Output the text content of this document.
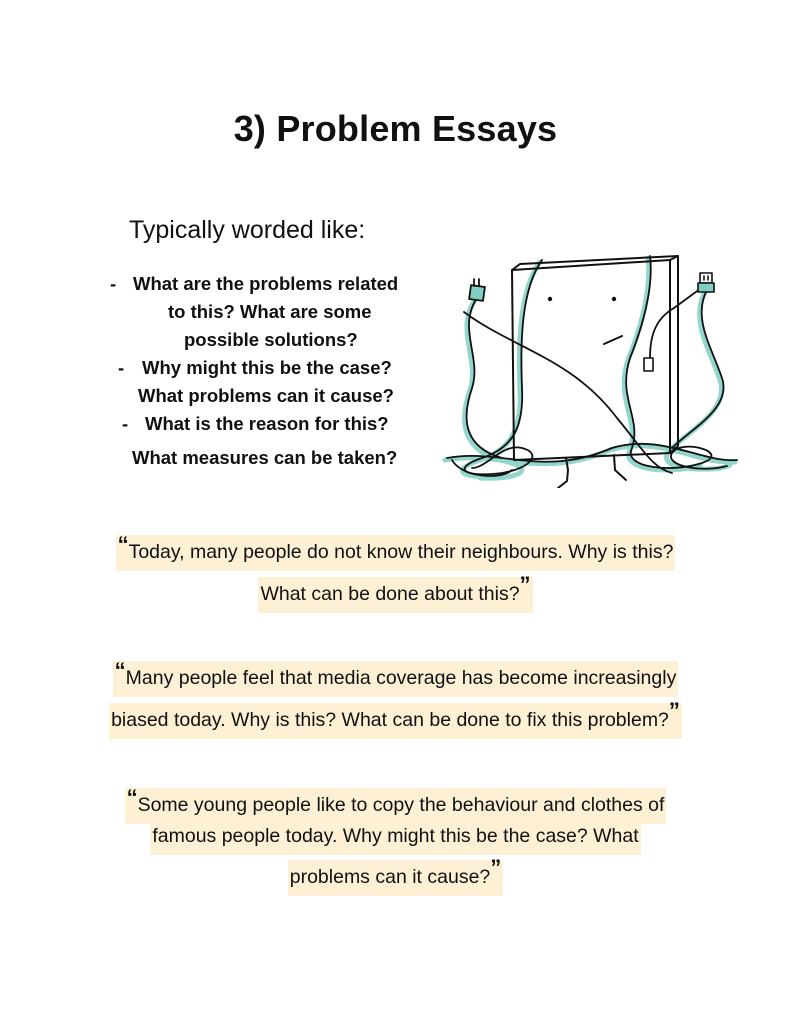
3) Problem Essays

Typically worded like:

- What are the problems related
to this? What are some
possible solutions?
- Why might this be the case?
What problems can it cause?
- What is the reason for this?
What measures can be taken?
“Today, many people do not know their neighbours. Why is this?
What can be done about this?”
“Many people feel that media coverage has become increasingly
biased today. Why is this? What can be done to fix this problem?”
“Some young people like to copy the behaviour and clothes of
famous people today. Why might this be the case? What
problems can it cause?”
